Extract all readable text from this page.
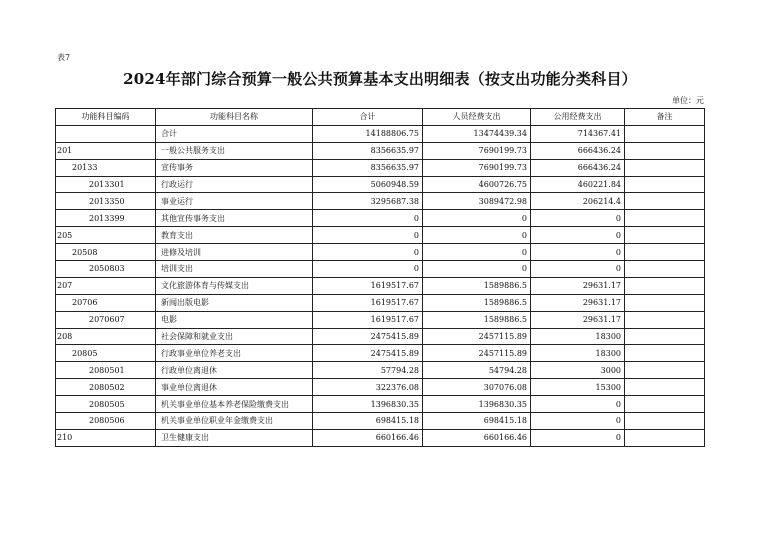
表7
2024年部门综合预算一般公共预算基本支出明细表（按支出功能分类科目）
单位：元
功能科目编码	功能科目名称	合计	人员经费支出	公用经费支出	备注
	合计	14188806.75	13474439.34	714367.41	
201	一般公共服务支出	8356635.97	7690199.73	666436.24	
20133	宣传事务	8356635.97	7690199.73	666436.24	
2013301	行政运行	5060948.59	4600726.75	460221.84	
2013350	事业运行	3295687.38	3089472.98	206214.4	
2013399	其他宣传事务支出	0	0	0	
205	教育支出	0	0	0	
20508	进修及培训	0	0	0	
2050803	培训支出	0	0	0	
207	文化旅游体育与传媒支出	1619517.67	1589886.5	29631.17	
20706	新闻出版电影	1619517.67	1589886.5	29631.17	
2070607	电影	1619517.67	1589886.5	29631.17	
208	社会保障和就业支出	2475415.89	2457115.89	18300	
20805	行政事业单位养老支出	2475415.89	2457115.89	18300	
2080501	行政单位离退休	57794.28	54794.28	3000	
2080502	事业单位离退休	322376.08	307076.08	15300	
2080505	机关事业单位基本养老保险缴费支出	1396830.35	1396830.35	0	
2080506	机关事业单位职业年金缴费支出	698415.18	698415.18	0	
210	卫生健康支出	660166.46	660166.46	0	
